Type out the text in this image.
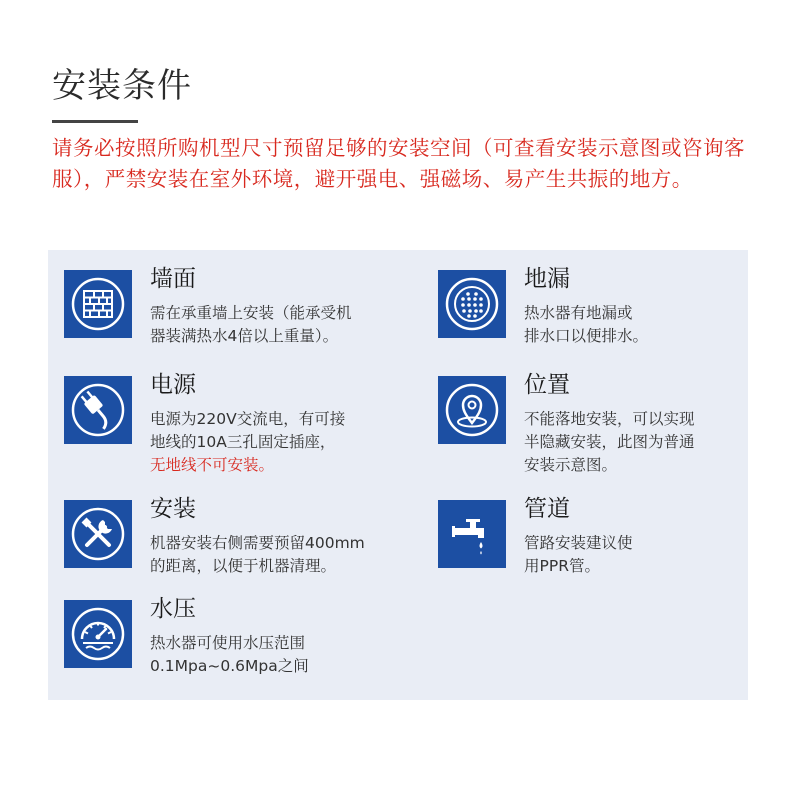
安装条件
请务必按照所购机型尺寸预留足够的安装空间（可查看安装示意图或咨询客服），严禁安装在室外环境，避开强电、强磁场、易产生共振的地方。
墙面
需在承重墙上安装（能承受机
器装满热水4倍以上重量）。
地漏
热水器有地漏或
排水口以便排水。
电源
电源为220V交流电，有可接
地线的10A三孔固定插座，
无地线不可安装。
位置
不能落地安装，可以实现
半隐藏安装，此图为普通
安装示意图。
安装
机器安装右侧需要预留400mm
的距离，以便于机器清理。
管道
管路安装建议使
用PPR管。
水压
热水器可使用水压范围
0.1Mpa~0.6Mpa之间
